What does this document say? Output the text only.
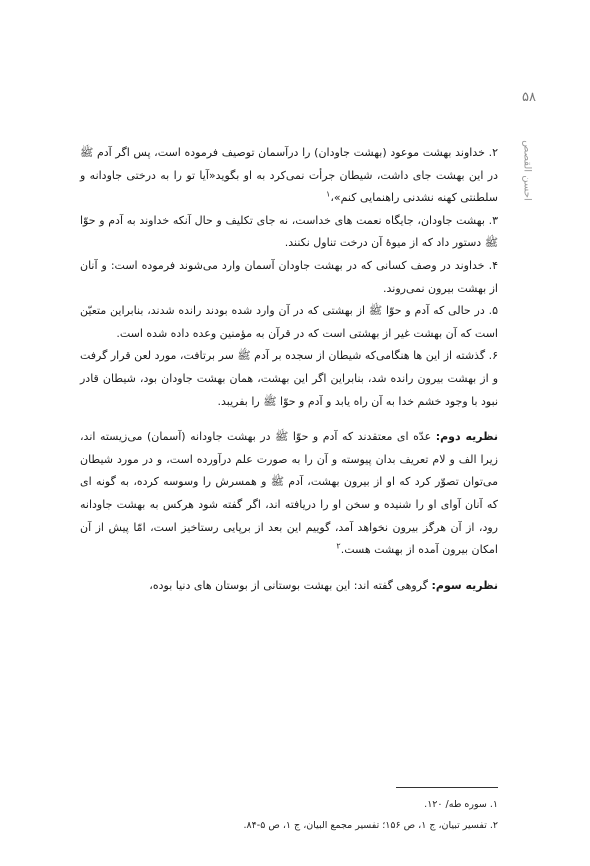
۵۸
احسن القصص

۲. خداوند بهشت موعود (بهشت جاودان) را درآسمان توصیف فرموده است، پس اگر آدم ﷺ در این بهشت جای داشت، شیطان جرأت نمی‌کرد به او بگوید«آیا تو را به درختی جاودانه و سلطنتی کهنه نشدنی راهنمایی کنم»،$^۱$

۳. بهشت جاودان، جایگاه نعمت های خداست، نه جای تکلیف و حال آنکه خداوند به آدم و حوّا ﷺ دستور داد که از میوهٔ آن درخت تناول نکنند.

۴. خداوند در وصف کسانی که در بهشت جاودان آسمان وارد می‌شوند فرموده است: و آنان از بهشت بیرون نمی‌روند.

۵. در حالی که آدم و حوّا ﷺ از بهشتی که در آن وارد شده بودند رانده شدند، بنابراین متعیّن است که آن بهشت غیر از بهشتی است که در قرآن به مؤمنین وعده داده شده است.

۶. گذشته از این ها هنگامی‌که شیطان از سجده بر آدم ﷺ سر برتافت، مورد لعن قرار گرفت و از بهشت بیرون رانده شد، بنابراین اگر این بهشت، همان بهشت جاودان بود، شیطان قادر نبود با وجود خشم خدا به آن راه یابد و آدم و حوّا ﷺ را بفریبد.

نظریه دوم: عدّه ای معتقدند که آدم و حوّا ﷺ در بهشت جاودانه (آسمان) می‌زیسته اند، زیرا الف و لام تعریف بدان پیوسته و آن را به صورت علم درآورده است، و در مورد شیطان می‌توان تصوّر کرد که او از بیرون بهشت، آدم ﷺ و همسرش را وسوسه کرده، به گونه ای که آنان آوای او را شنیده و سخن او را دریافته اند، اگر گفته شود هرکس به بهشت جاودانه رود، از آن هرگز بیرون نخواهد آمد، گوییم این بعد از برپایی رستاخیز است، امّا پیش از آن امکان بیرون آمده از بهشت هست.$^۲$

نظریه سوم: گروهی گفته اند: این بهشت بوستانی از بوستان های دنیا بوده،

۱. سوره طه/ ۱۲۰.

۲. تفسیر تبیان، ج ۱، ص ۱۵۶؛ تفسیر مجمع البیان، ج ۱، ص ۵-۸۴.
